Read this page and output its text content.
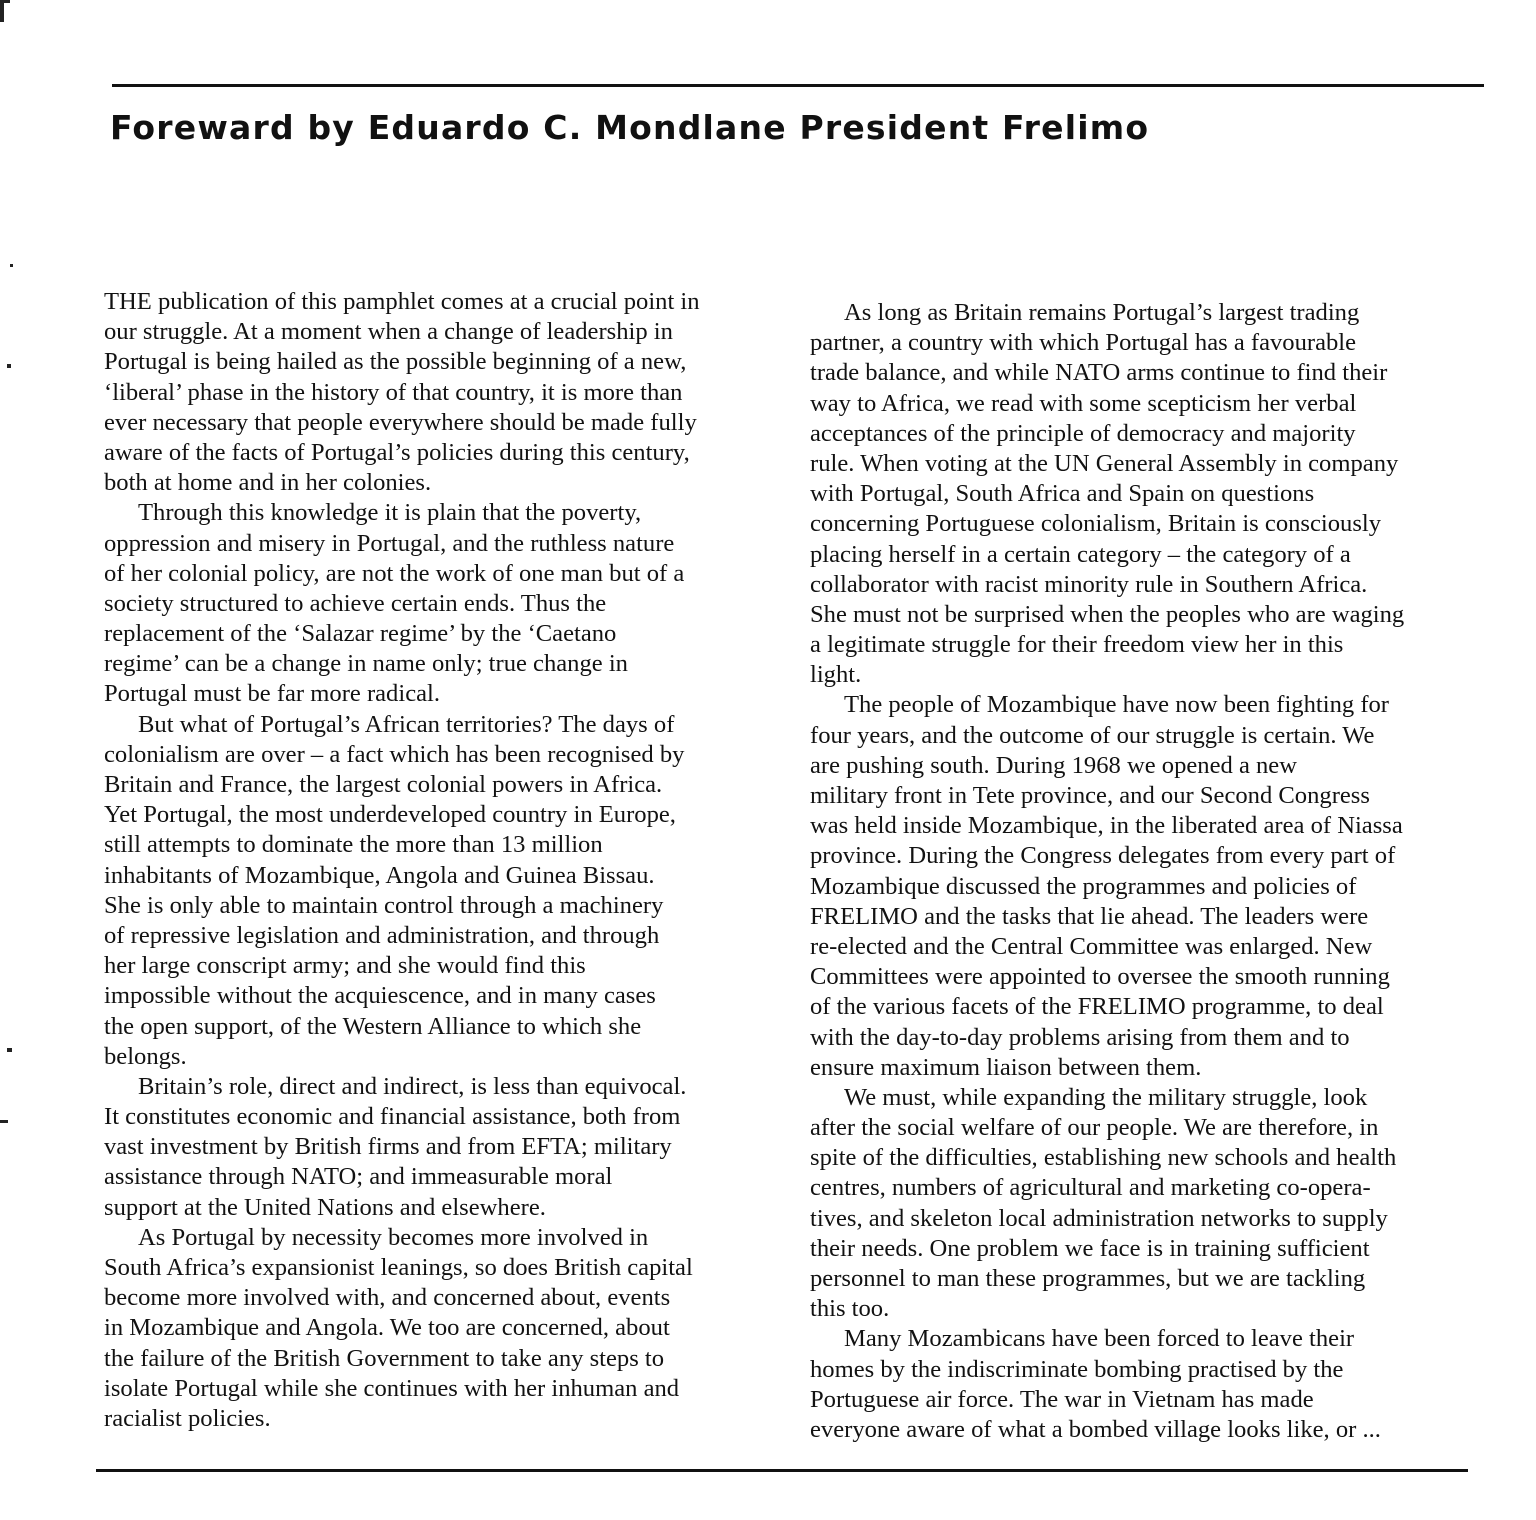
Foreward by Eduardo C. Mondlane President Frelimo
THE publication of this pamphlet comes at a crucial point in
our struggle. At a moment when a change of leadership in
Portugal is being hailed as the possible beginning of a new,
‘liberal’ phase in the history of that country, it is more than
ever necessary that people everywhere should be made fully
aware of the facts of Portugal’s policies during this century,
both at home and in her colonies.
Through this knowledge it is plain that the poverty,
oppression and misery in Portugal, and the ruthless nature
of her colonial policy, are not the work of one man but of a
society structured to achieve certain ends. Thus the
replacement of the ‘Salazar regime’ by the ‘Caetano
regime’ can be a change in name only; true change in
Portugal must be far more radical.
But what of Portugal’s African territories? The days of
colonialism are over – a fact which has been recognised by
Britain and France, the largest colonial powers in Africa.
Yet Portugal, the most underdeveloped country in Europe,
still attempts to dominate the more than 13 million
inhabitants of Mozambique, Angola and Guinea Bissau.
She is only able to maintain control through a machinery
of repressive legislation and administration, and through
her large conscript army; and she would find this
impossible without the acquiescence, and in many cases
the open support, of the Western Alliance to which she
belongs.
Britain’s role, direct and indirect, is less than equivocal.
It constitutes economic and financial assistance, both from
vast investment by British firms and from EFTA; military
assistance through NATO; and immeasurable moral
support at the United Nations and elsewhere.
As Portugal by necessity becomes more involved in
South Africa’s expansionist leanings, so does British capital
become more involved with, and concerned about, events
in Mozambique and Angola. We too are concerned, about
the failure of the British Government to take any steps to
isolate Portugal while she continues with her inhuman and
racialist policies.
As long as Britain remains Portugal’s largest trading
partner, a country with which Portugal has a favourable
trade balance, and while NATO arms continue to find their
way to Africa, we read with some scepticism her verbal
acceptances of the principle of democracy and majority
rule. When voting at the UN General Assembly in company
with Portugal, South Africa and Spain on questions
concerning Portuguese colonialism, Britain is consciously
placing herself in a certain category – the category of a
collaborator with racist minority rule in Southern Africa.
She must not be surprised when the peoples who are waging
a legitimate struggle for their freedom view her in this
light.
The people of Mozambique have now been fighting for
four years, and the outcome of our struggle is certain. We
are pushing south. During 1968 we opened a new
military front in Tete province, and our Second Congress
was held inside Mozambique, in the liberated area of Niassa
province. During the Congress delegates from every part of
Mozambique discussed the programmes and policies of
FRELIMO and the tasks that lie ahead. The leaders were
re-elected and the Central Committee was enlarged. New
Committees were appointed to oversee the smooth running
of the various facets of the FRELIMO programme, to deal
with the day-to-day problems arising from them and to
ensure maximum liaison between them.
We must, while expanding the military struggle, look
after the social welfare of our people. We are therefore, in
spite of the difficulties, establishing new schools and health
centres, numbers of agricultural and marketing co-opera-
tives, and skeleton local administration networks to supply
their needs. One problem we face is in training sufficient
personnel to man these programmes, but we are tackling
this too.
Many Mozambicans have been forced to leave their
homes by the indiscriminate bombing practised by the
Portuguese air force. The war in Vietnam has made
everyone aware of what a bombed village looks like, or ...
